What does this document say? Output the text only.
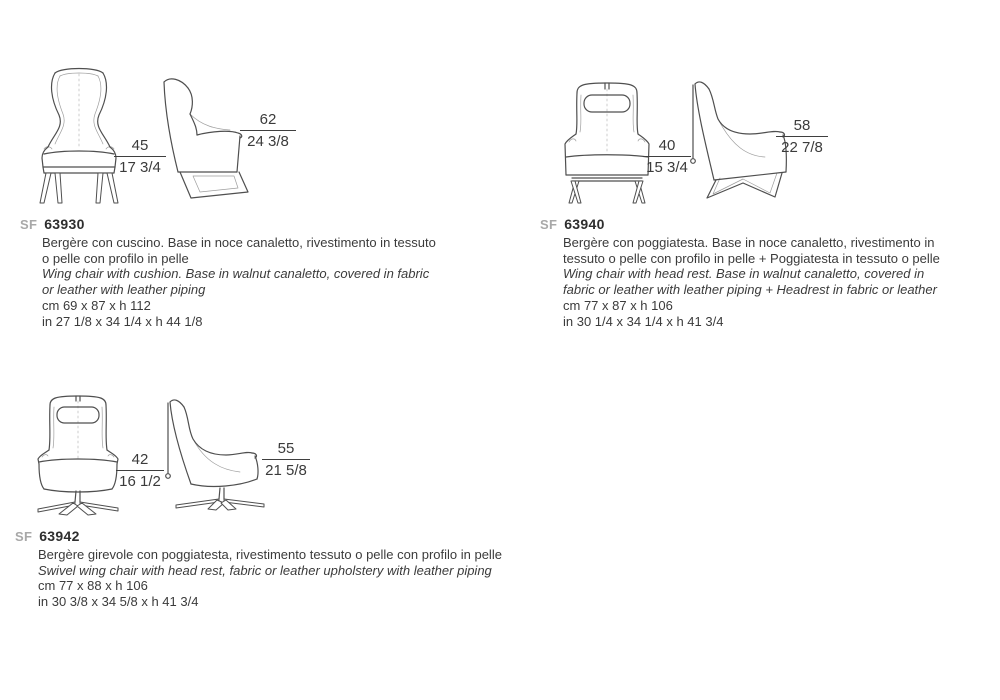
45
17 3/4
62
24 3/8
SF 63930
Bergère con cuscino. Base in noce canaletto, rivestimento in tessuto
o pelle con profilo in pelle
Wing chair with cushion. Base in walnut canaletto, covered in fabric
or leather with leather piping
cm 69 x 87 x h 112
in 27 1/8 x 34 1/4 x h 44 1/8
40
15 3/4
58
22 7/8
SF 63940
Bergère con poggiatesta. Base in noce canaletto, rivestimento in
tessuto o pelle con profilo in pelle + Poggiatesta in tessuto o pelle
Wing chair with head rest. Base in walnut canaletto, covered in
fabric or leather with leather piping + Headrest in fabric or leather
cm 77 x 87 x h 106
in 30 1/4 x 34 1/4 x h 41 3/4
42
16 1/2
55
21 5/8
SF 63942
Bergère girevole con poggiatesta, rivestimento tessuto o pelle con profilo in pelle
Swivel wing chair with head rest, fabric or leather upholstery with leather piping
cm 77 x 88 x h 106
in 30 3/8 x 34 5/8 x h 41 3/4
